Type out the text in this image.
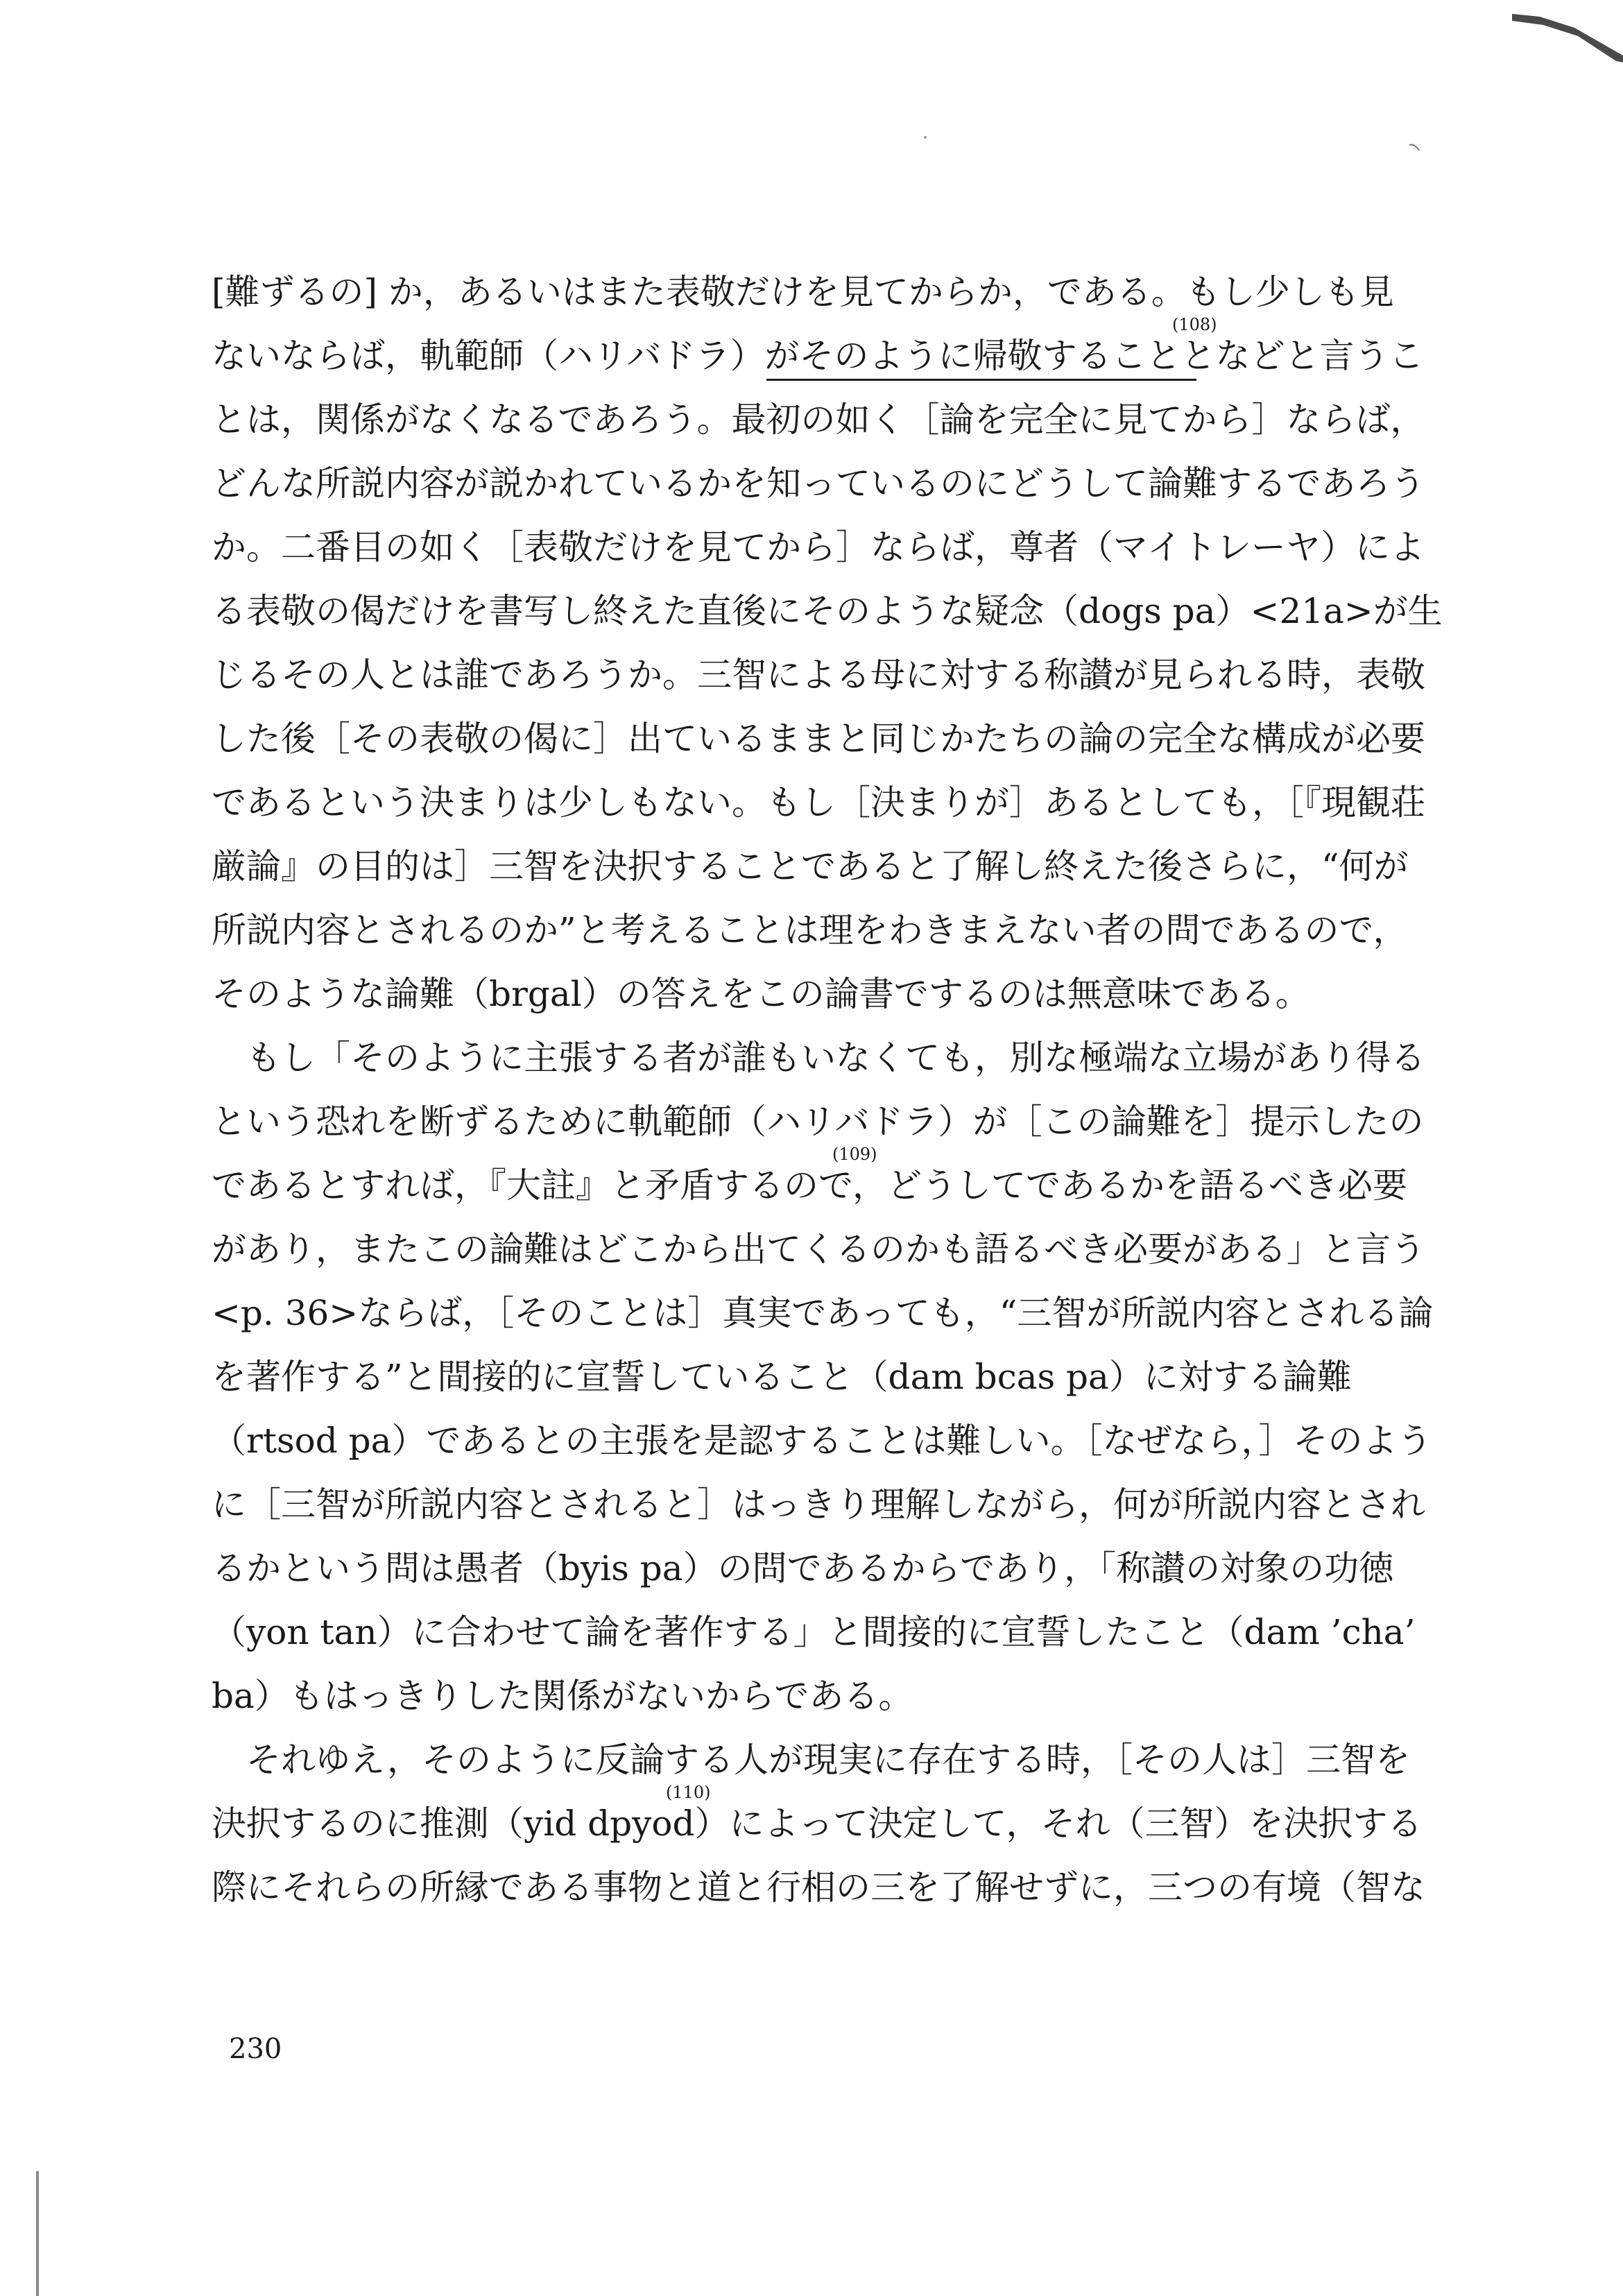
[難ずるの] か，あるいはまた表敬だけを見てからか，である。もし少しも見
ないならば，軌範師（ハリバドラ）がそのように帰敬することとなどと言うこ
とは，関係がなくなるであろう。最初の如く［論を完全に見てから］ならば，
どんな所説内容が説かれているかを知っているのにどうして論難するであろう
か。二番目の如く［表敬だけを見てから］ならば，尊者（マイトレーヤ）によ
る表敬の偈だけを書写し終えた直後にそのような疑念（dogs pa）<21a>が生
じるその人とは誰であろうか。三智による母に対する称讃が見られる時，表敬
した後［その表敬の偈に］出ているままと同じかたちの論の完全な構成が必要
であるという決まりは少しもない。もし［決まりが］あるとしても，［『現観荘
厳論』の目的は］三智を決択することであると了解し終えた後さらに，“何が
所説内容とされるのか”と考えることは理をわきまえない者の問であるので，
そのような論難（brgal）の答えをこの論書でするのは無意味である。
もし「そのように主張する者が誰もいなくても，別な極端な立場があり得る
という恐れを断ずるために軌範師（ハリバドラ）が［この論難を］提示したの
であるとすれば，『大註』と矛盾するので，どうしてであるかを語るべき必要
があり，またこの論難はどこから出てくるのかも語るべき必要がある」と言う
<p. 36>ならば，［そのことは］真実であっても，“三智が所説内容とされる論
を著作する”と間接的に宣誓していること（dam bcas pa）に対する論難
（rtsod pa）であるとの主張を是認することは難しい。［なぜなら，］そのよう
に［三智が所説内容とされると］はっきり理解しながら，何が所説内容とされ
るかという問は愚者（byis pa）の問であるからであり，「称讃の対象の功徳
（yon tan）に合わせて論を著作する」と間接的に宣誓したこと（dam ’cha’
ba）もはっきりした関係がないからである。
それゆえ，そのように反論する人が現実に存在する時，［その人は］三智を
決択するのに推測（yid dpyod）によって決定して，それ（三智）を決択する
際にそれらの所縁である事物と道と行相の三を了解せずに，三つの有境（智な
(108)
(109)
(110)
230
